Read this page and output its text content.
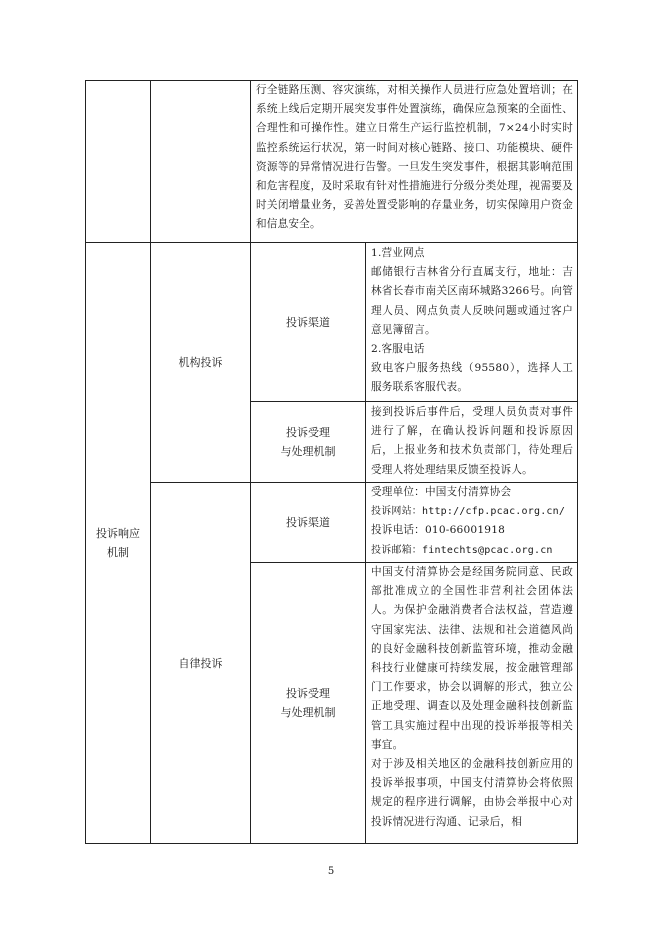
行全链路压测、容灾演练，对相关操作人员进行应急处置培训；在系统上线后定期开展突发事件处置演练，确保应急预案的全面性、合理性和可操作性。建立日常生产运行监控机制，7×24小时实时监控系统运行状况，第一时间对核心链路、接口、功能模块、硬件资源等的异常情况进行告警。一旦发生突发事件，根据其影响范围和危害程度，及时采取有针对性措施进行分级分类处理，视需要及时关闭增量业务，妥善处置受影响的存量业务，切实保障用户资金和信息安全。
投诉响应
机制
机构投诉
投诉渠道
1.营业网点
邮储银行吉林省分行直属支行，地址：吉林省长春市南关区南环城路3266号。向管理人员、网点负责人反映问题或通过客户意见簿留言。
2.客服电话
致电客户服务热线（95580），选择人工服务联系客服代表。
投诉受理
与处理机制
接到投诉后事件后，受理人员负责对事件进行了解，在确认投诉问题和投诉原因后，上报业务和技术负责部门，待处理后受理人将处理结果反馈至投诉人。
自律投诉
投诉渠道
受理单位：中国支付清算协会
投诉网站：http://cfp.pcac.org.cn/
投诉电话：010-66001918
投诉邮箱：fintechts@pcac.org.cn
投诉受理
与处理机制
中国支付清算协会是经国务院同意、民政部批准成立的全国性非营利社会团体法人。为保护金融消费者合法权益，营造遵守国家宪法、法律、法规和社会道德风尚的良好金融科技创新监管环境，推动金融科技行业健康可持续发展，按金融管理部门工作要求，协会以调解的形式，独立公正地受理、调查以及处理金融科技创新监管工具实施过程中出现的投诉举报等相关事宜。
对于涉及相关地区的金融科技创新应用的投诉举报事项，中国支付清算协会将依照规定的程序进行调解，由协会举报中心对投诉情况进行沟通、记录后，相
5
